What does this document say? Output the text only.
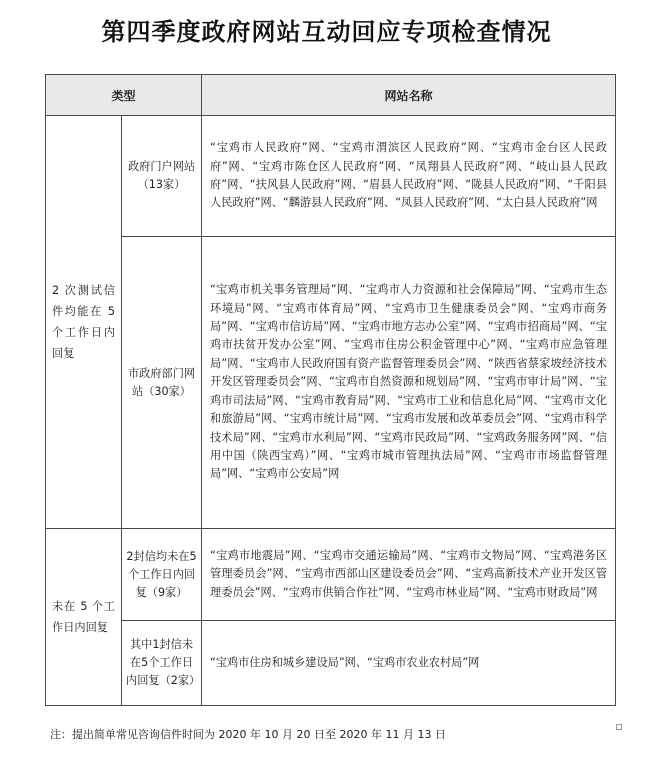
第四季度政府网站互动回应专项检查情况
类型		网站名称
2 次测试信件均能在 5 个工作日内回复	政府门户网站（13家）	“宝鸡市人民政府”网、“宝鸡市渭滨区人民政府”网、“宝鸡市金台区人民政府”网、“宝鸡市陈仓区人民政府”网、“凤翔县人民政府”网、“岐山县人民政府”网、“扶风县人民政府”网、“眉县人民政府”网、“陇县人民政府”网、“千阳县人民政府”网、“麟游县人民政府”网、“凤县人民政府”网、“太白县人民政府”网
	市政府部门网站（30家）	“宝鸡市机关事务管理局”网、“宝鸡市人力资源和社会保障局”网、“宝鸡市生态环境局”网、“宝鸡市体育局”网、“宝鸡市卫生健康委员会”网、“宝鸡市商务局”网、“宝鸡市信访局”网、“宝鸡市地方志办公室”网、“宝鸡市招商局”网、“宝鸡市扶贫开发办公室”网、“宝鸡市住房公积金管理中心”网、“宝鸡市应急管理局”网、“宝鸡市人民政府国有资产监督管理委员会”网、“陕西省蔡家坡经济技术开发区管理委员会”网、“宝鸡市自然资源和规划局”网、“宝鸡市审计局”网、“宝鸡市司法局”网、“宝鸡市教育局”网、“宝鸡市工业和信息化局”网、“宝鸡市文化和旅游局”网、“宝鸡市统计局”网、“宝鸡市发展和改革委员会”网、“宝鸡市科学技术局”网、“宝鸡市水利局”网、“宝鸡市民政局”网、“宝鸡政务服务网”网、“信用中国（陕西宝鸡）”网、“宝鸡市城市管理执法局”网、“宝鸡市市场监督管理局”网、“宝鸡市公安局”网
未在 5 个工作日内回复	2封信均未在5个工作日内回复（9家）	“宝鸡市地震局”网、“宝鸡市交通运输局”网、“宝鸡市文物局”网、“宝鸡港务区管理委员会”网、“宝鸡市西部山区建设委员会”网、“宝鸡高新技术产业开发区管理委员会”网、“宝鸡市供销合作社”网、“宝鸡市林业局”网、“宝鸡市财政局”网
	其中1封信未在5个工作日内回复（2家）	“宝鸡市住房和城乡建设局”网、“宝鸡市农业农村局”网
注：提出简单常见咨询信件时间为 2020 年 10 月 20 日至 2020 年 11 月 13 日
